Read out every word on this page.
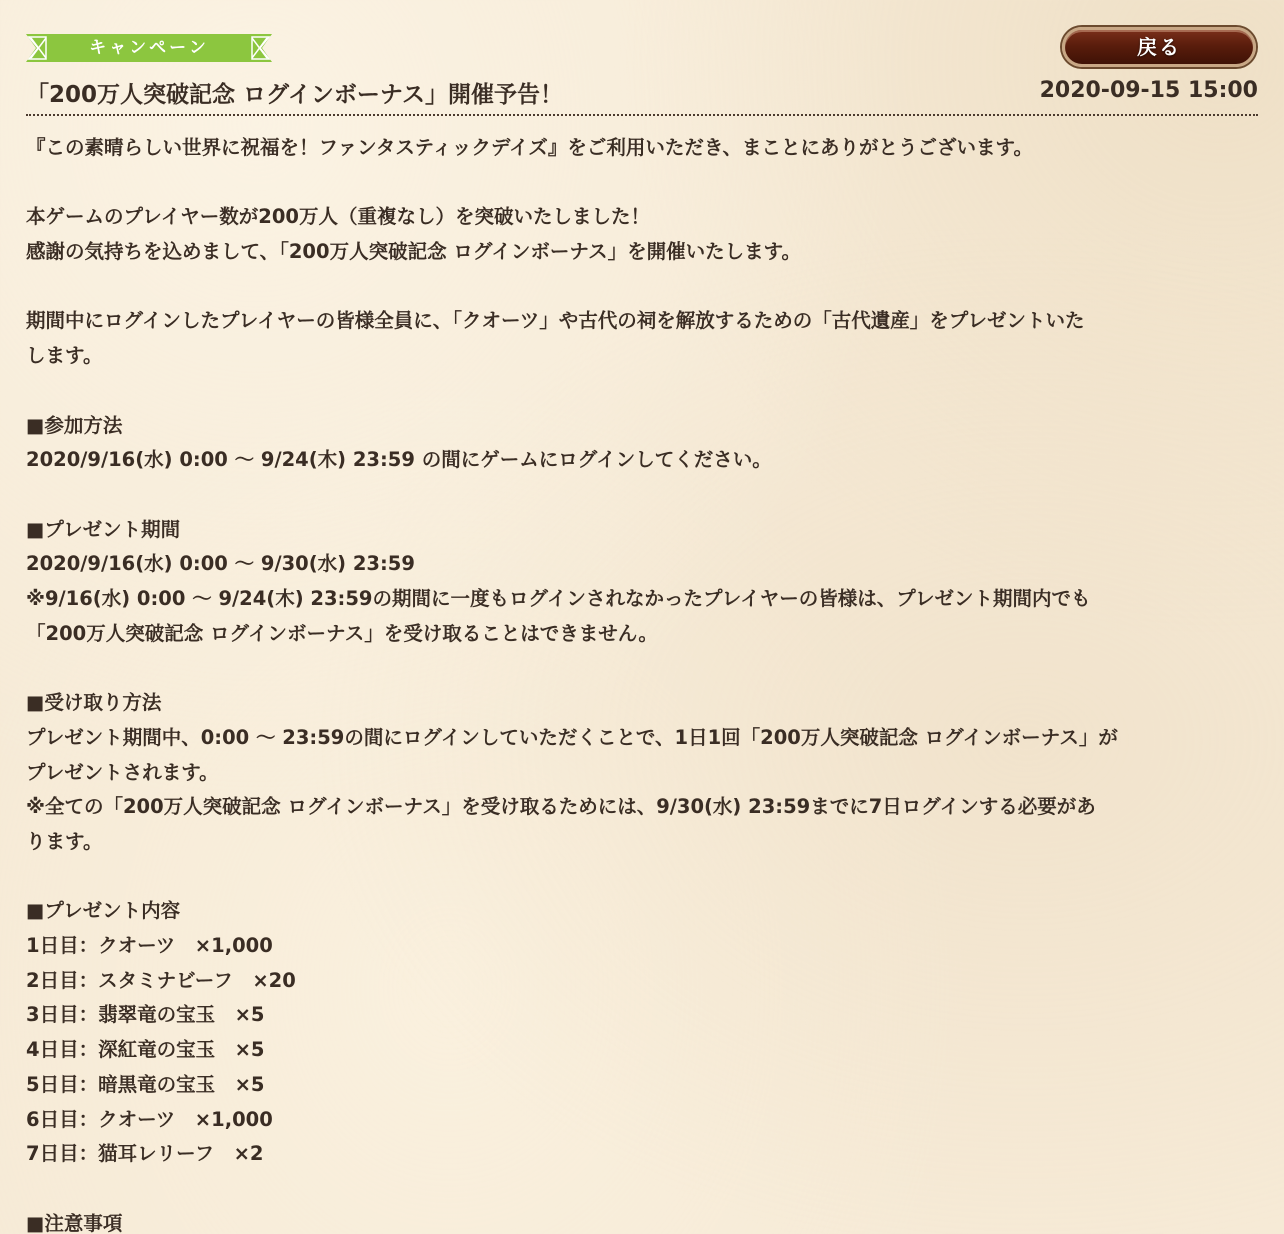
キャンペーン	戻る
「200万人突破記念 ログインボーナス」開催予告！	2020-09-15 15:00

『この素晴らしい世界に祝福を！ファンタスティックデイズ』をご利用いただき、まことにありがとうございます。

本ゲームのプレイヤー数が200万人（重複なし）を突破いたしました！

感謝の気持ちを込めまして、「200万人突破記念 ログインボーナス」を開催いたします。

期間中にログインしたプレイヤーの皆様全員に、「クオーツ」や古代の祠を解放するための「古代遺産」をプレゼントいた

します。

■参加方法

2020/9/16(水) 0:00 〜 9/24(木) 23:59 の間にゲームにログインしてください。

■プレゼント期間

2020/9/16(水) 0:00 〜 9/30(水) 23:59

※9/16(水) 0:00 〜 9/24(木) 23:59の期間に一度もログインされなかったプレイヤーの皆様は、プレゼント期間内でも

「200万人突破記念 ログインボーナス」を受け取ることはできません。

■受け取り方法

プレゼント期間中、0:00 〜 23:59の間にログインしていただくことで、1日1回「200万人突破記念 ログインボーナス」が

プレゼントされます。

※全ての「200万人突破記念 ログインボーナス」を受け取るためには、9/30(水) 23:59までに7日ログインする必要があ

ります。

■プレゼント内容

1日目：クオーツ　×1,000

2日目：スタミナビーフ　×20

3日目：翡翠竜の宝玉　×5

4日目：深紅竜の宝玉　×5

5日目：暗黒竜の宝玉　×5

6日目：クオーツ　×1,000

7日目：猫耳レリーフ　×2

■注意事項
